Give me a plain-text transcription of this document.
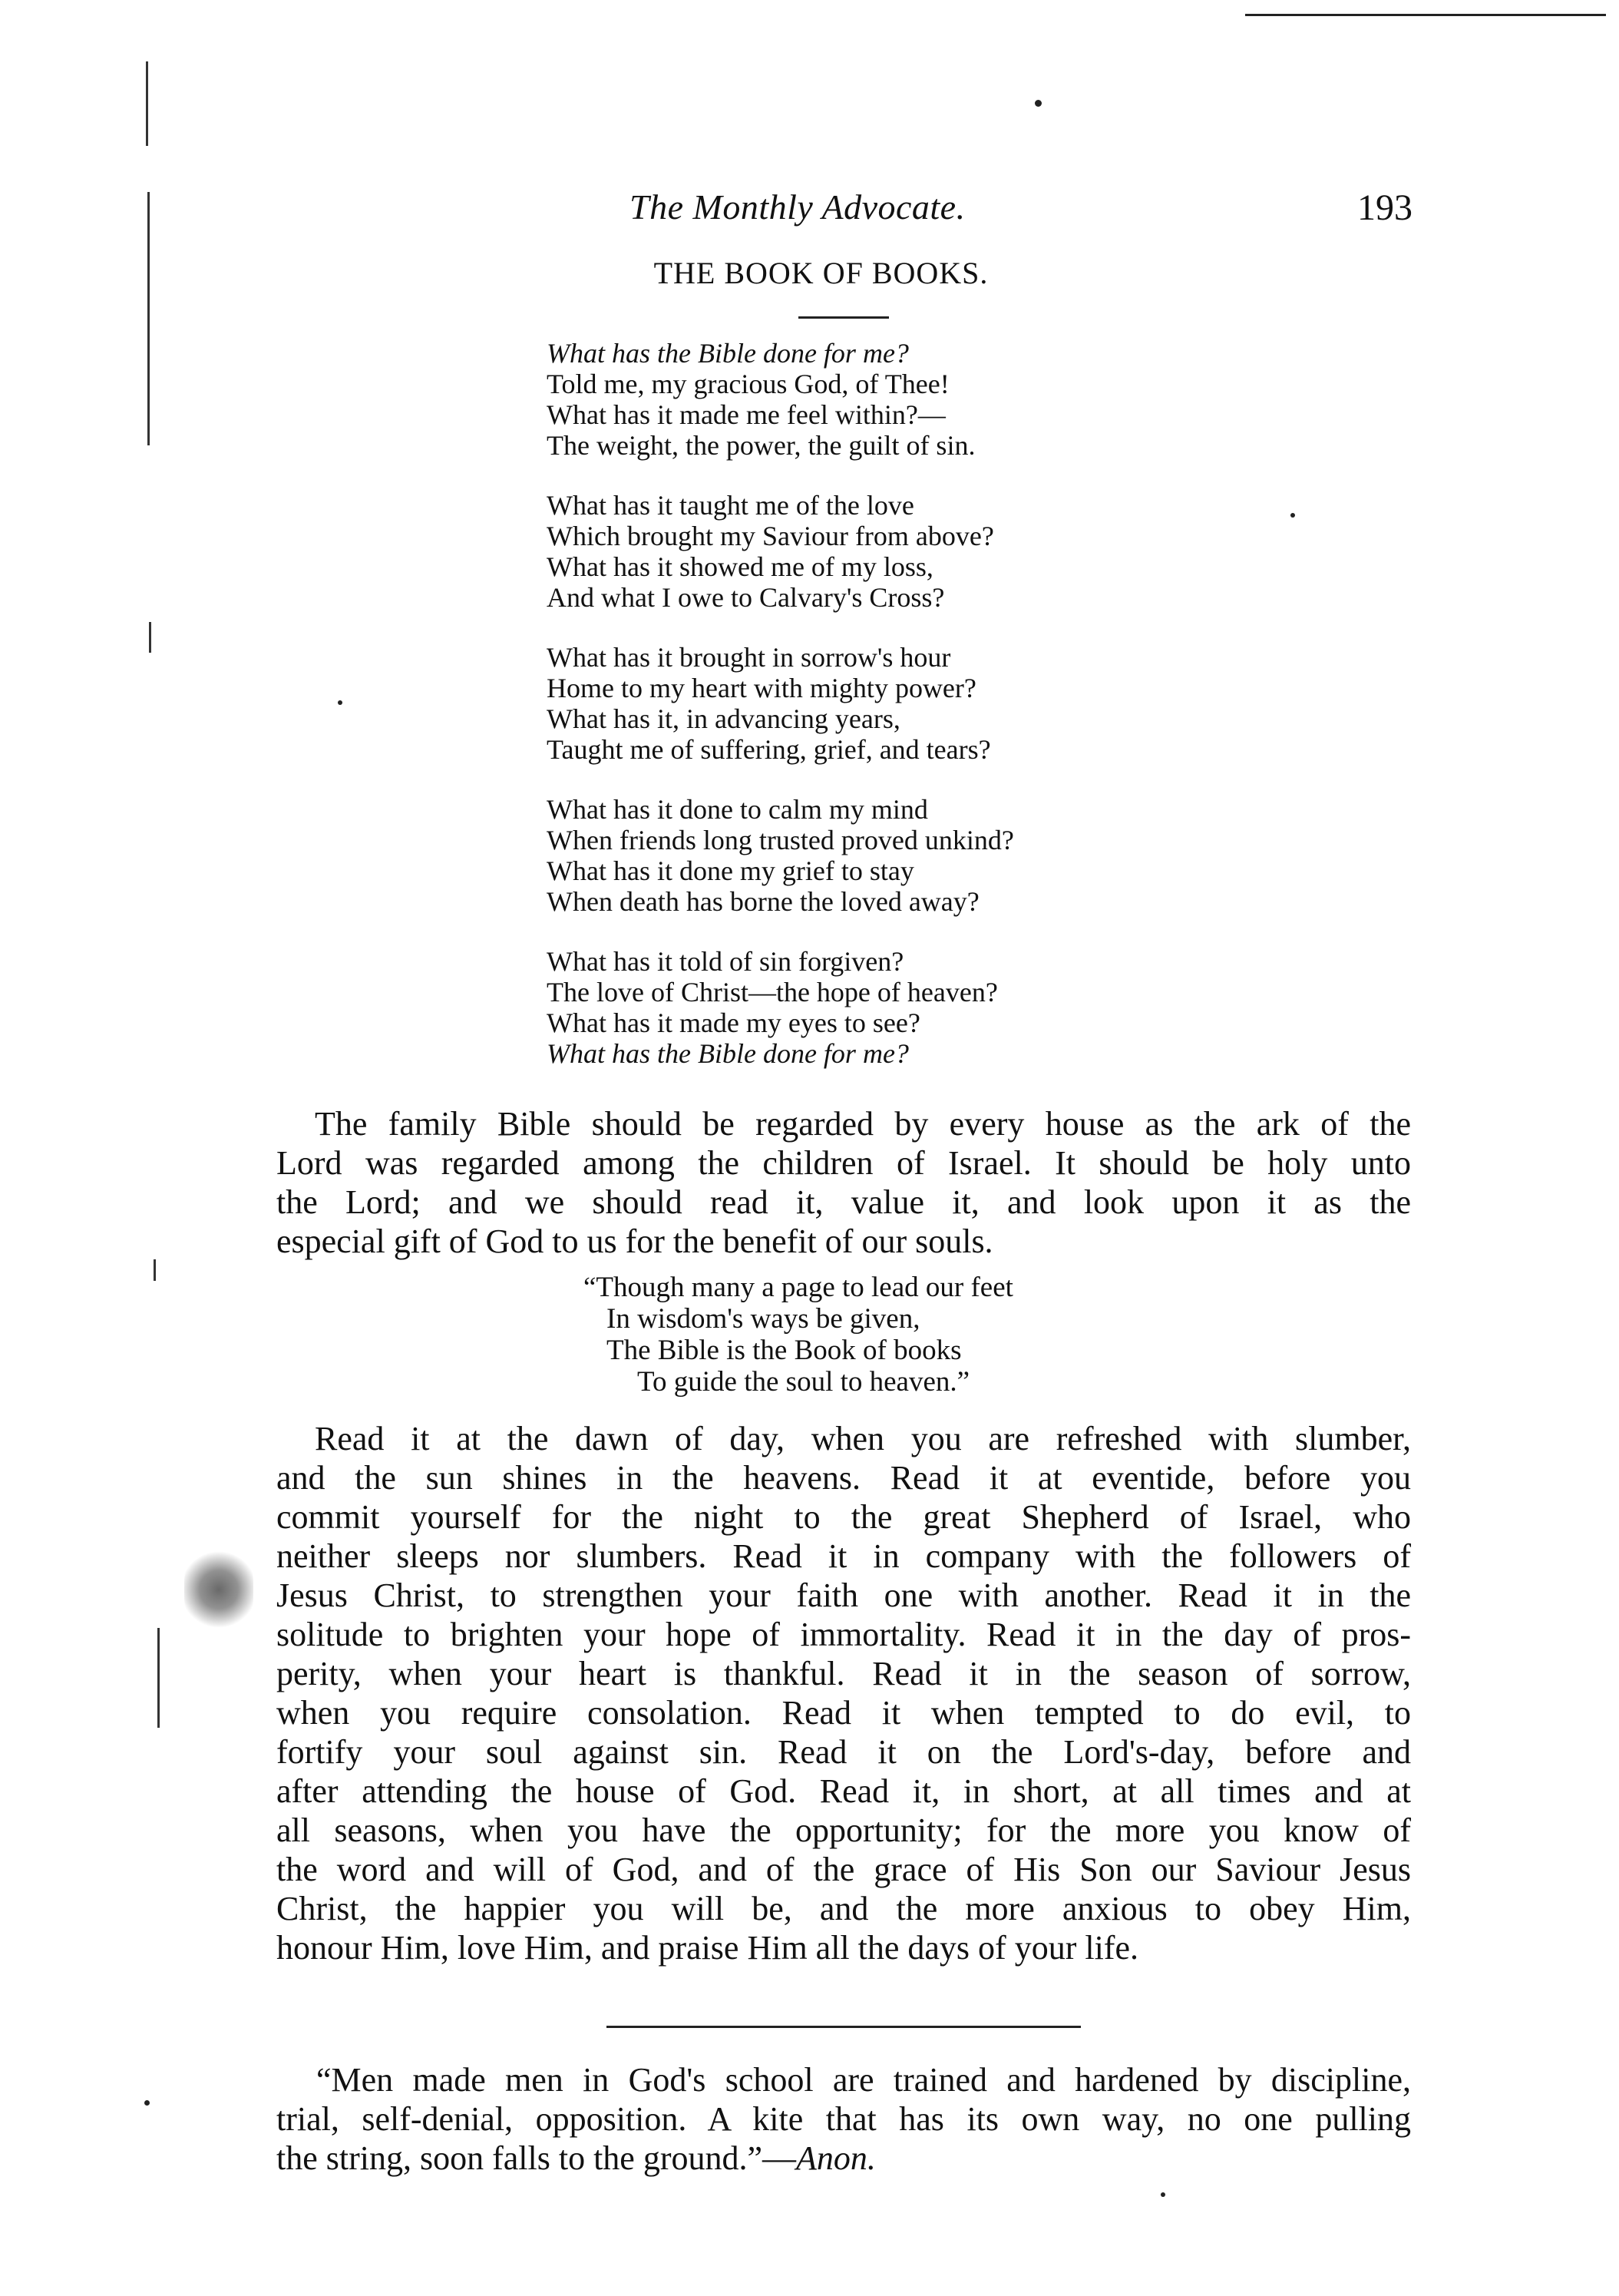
The Monthly Advocate.	193
THE BOOK OF BOOKS.
What has the Bible done for me?
Told me, my gracious God, of Thee!
What has it made me feel within?—
The weight, the power, the guilt of sin.
What has it taught me of the love
Which brought my Saviour from above?
What has it showed me of my loss,
And what I owe to Calvary's Cross?
What has it brought in sorrow's hour
Home to my heart with mighty power?
What has it, in advancing years,
Taught me of suffering, grief, and tears?
What has it done to calm my mind
When friends long trusted proved unkind?
What has it done my grief to stay
When death has borne the loved away?
What has it told of sin forgiven?
The love of Christ—the hope of heaven?
What has it made my eyes to see?
What has the Bible done for me?
The family Bible should be regarded by every house as the ark of the
Lord was regarded among the children of Israel. It should be holy unto
the Lord; and we should read it, value it, and look upon it as the
especial gift of God to us for the benefit of our souls.
“Though many a page to lead our feet
In wisdom's ways be given,
The Bible is the Book of books
To guide the soul to heaven.”
Read it at the dawn of day, when you are refreshed with slumber,
and the sun shines in the heavens. Read it at eventide, before you
commit yourself for the night to the great Shepherd of Israel, who
neither sleeps nor slumbers. Read it in company with the followers of
Jesus Christ, to strengthen your faith one with another. Read it in the
solitude to brighten your hope of immortality. Read it in the day of pros-
perity, when your heart is thankful. Read it in the season of sorrow,
when you require consolation. Read it when tempted to do evil, to
fortify your soul against sin. Read it on the Lord's-day, before and
after attending the house of God. Read it, in short, at all times and at
all seasons, when you have the opportunity; for the more you know of
the word and will of God, and of the grace of His Son our Saviour Jesus
Christ, the happier you will be, and the more anxious to obey Him,
honour Him, love Him, and praise Him all the days of your life.
“Men made men in God's school are trained and hardened by discipline,
trial, self-denial, opposition. A kite that has its own way, no one pulling
the string, soon falls to the ground.”—Anon.
